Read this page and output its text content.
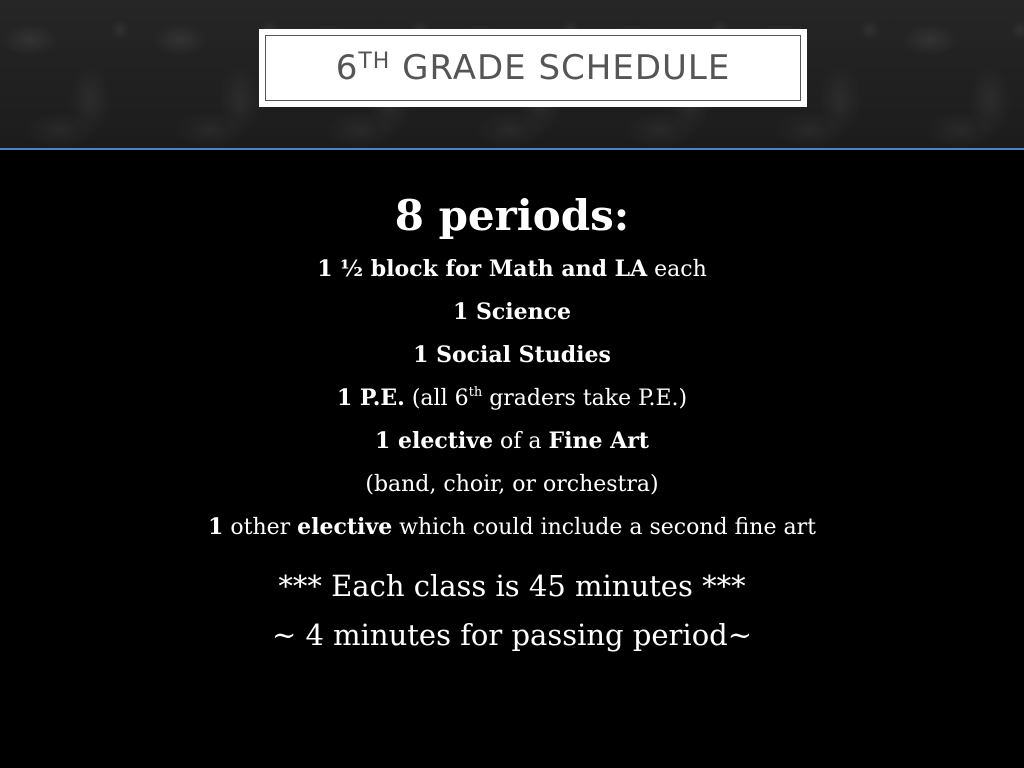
6TH GRADE SCHEDULE

8 periods:

1 ½ block for Math and LA each

1 Science

1 Social Studies

1 P.E. (all 6th graders take P.E.)

1 elective of a Fine Art

(band, choir, or orchestra)

1 other elective which could include a second fine art

*** Each class is 45 minutes ***

~ 4 minutes for passing period~
